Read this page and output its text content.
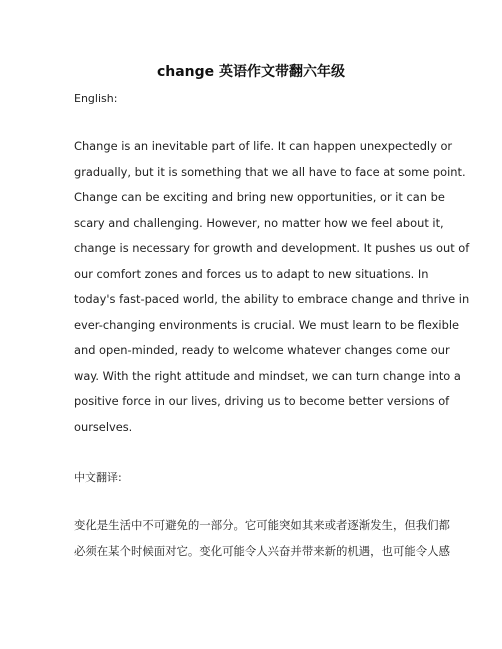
change 英语作文带翻六年级
English:

Change is an inevitable part of life. It can happen unexpectedly or
gradually, but it is something that we all have to face at some point.
Change can be exciting and bring new opportunities, or it can be
scary and challenging. However, no matter how we feel about it,
change is necessary for growth and development. It pushes us out of
our comfort zones and forces us to adapt to new situations. In
today's fast-paced world, the ability to embrace change and thrive in
ever-changing environments is crucial. We must learn to be flexible
and open-minded, ready to welcome whatever changes come our
way. With the right attitude and mindset, we can turn change into a
positive force in our lives, driving us to become better versions of
ourselves.

中文翻译:

变化是生活中不可避免的一部分。它可能突如其来或者逐渐发生，但我们都
必须在某个时候面对它。变化可能令人兴奋并带来新的机遇，也可能令人感
